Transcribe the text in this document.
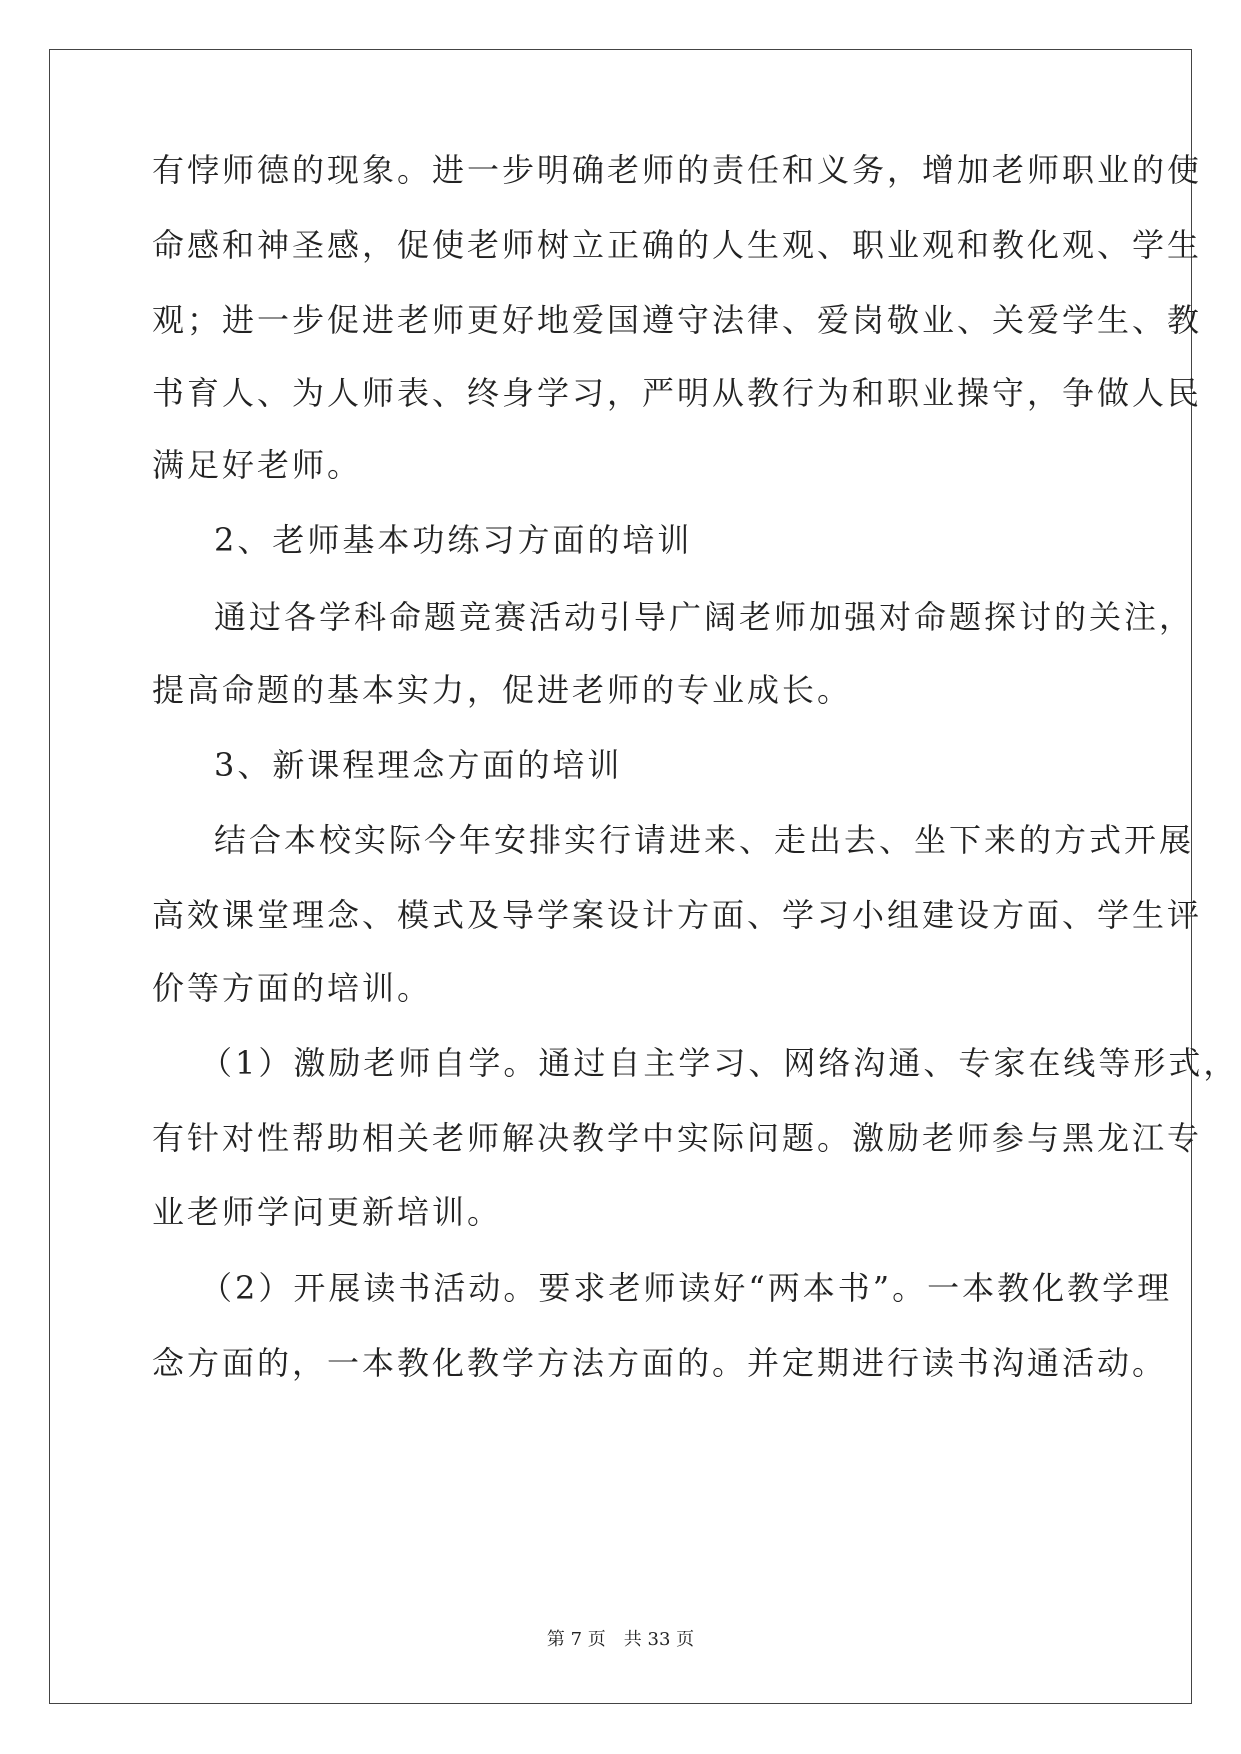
有悖师德的现象。进一步明确老师的责任和义务，增加老师职业的使
命感和神圣感，促使老师树立正确的人生观、职业观和教化观、学生
观；进一步促进老师更好地爱国遵守法律、爱岗敬业、关爱学生、教
书育人、为人师表、终身学习，严明从教行为和职业操守，争做人民
满足好老师。
2、老师基本功练习方面的培训
通过各学科命题竞赛活动引导广阔老师加强对命题探讨的关注，
提高命题的基本实力，促进老师的专业成长。
3、新课程理念方面的培训
结合本校实际今年安排实行请进来、走出去、坐下来的方式开展
高效课堂理念、模式及导学案设计方面、学习小组建设方面、学生评
价等方面的培训。
（1）激励老师自学。通过自主学习、网络沟通、专家在线等形式，
有针对性帮助相关老师解决教学中实际问题。激励老师参与黑龙江专
业老师学问更新培训。
（2）开展读书活动。要求老师读好“两本书”。一本教化教学理
念方面的，一本教化教学方法方面的。并定期进行读书沟通活动。
第 7 页　共 33 页
